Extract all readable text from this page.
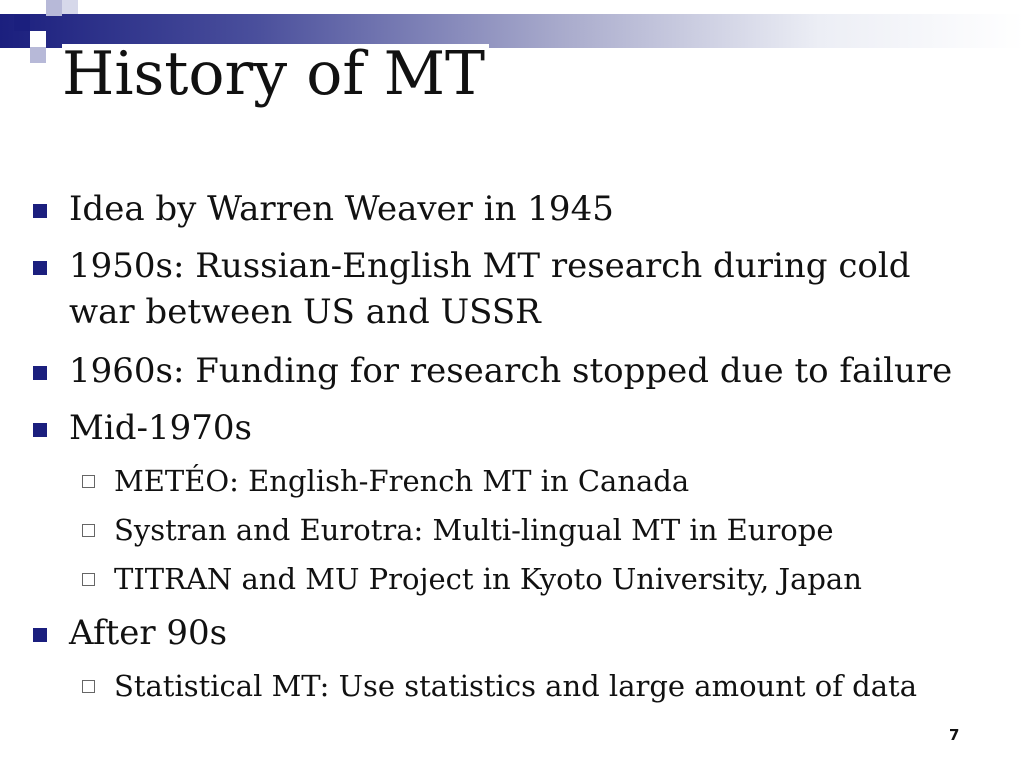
History of MT
Idea by Warren Weaver in 1945
1950s: Russian-English MT research during cold war between US and USSR
1960s: Funding for research stopped due to failure
Mid-1970s
METÉO: English-French MT in Canada
Systran and Eurotra: Multi-lingual MT in Europe
TITRAN and MU Project in Kyoto University, Japan
After 90s
Statistical MT: Use statistics and large amount of data
7
